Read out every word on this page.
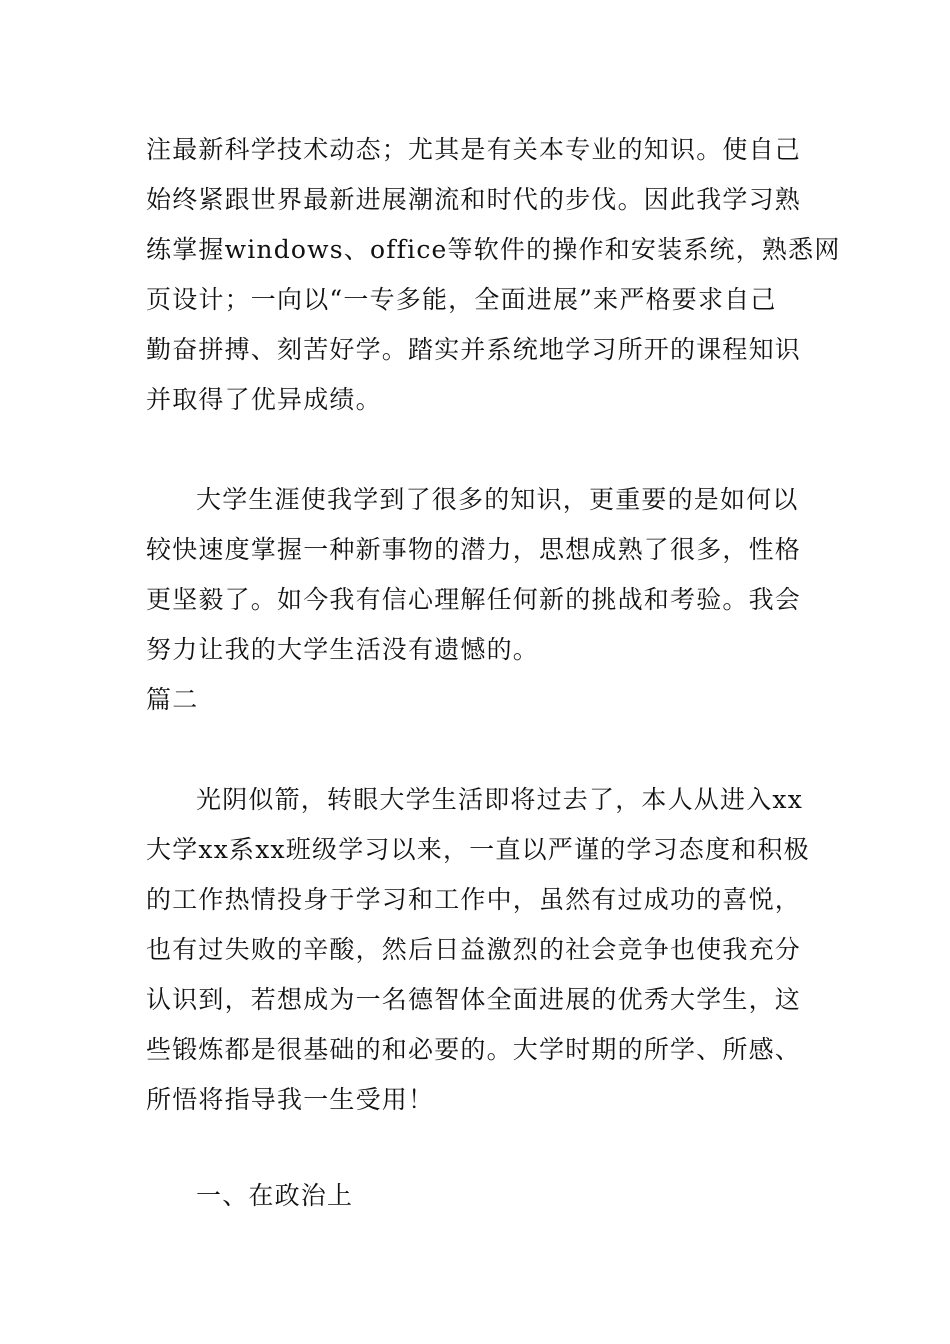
注最新科学技术动态；尤其是有关本专业的知识。使自己
始终紧跟世界最新进展潮流和时代的步伐。因此我学习熟
练掌握windows、office等软件的操作和安装系统，熟悉网
页设计；一向以“一专多能，全面进展”来严格要求自己
勤奋拼搏、刻苦好学。踏实并系统地学习所开的课程知识
并取得了优异成绩。
大学生涯使我学到了很多的知识，更重要的是如何以
较快速度掌握一种新事物的潜力，思想成熟了很多，性格
更坚毅了。如今我有信心理解任何新的挑战和考验。我会
努力让我的大学生活没有遗憾的。
篇二
光阴似箭，转眼大学生活即将过去了，本人从进入xx
大学xx系xx班级学习以来，一直以严谨的学习态度和积极
的工作热情投身于学习和工作中，虽然有过成功的喜悦，
也有过失败的辛酸，然后日益激烈的社会竞争也使我充分
认识到，若想成为一名德智体全面进展的优秀大学生，这
些锻炼都是很基础的和必要的。大学时期的所学、所感、
所悟将指导我一生受用！
一、在政治上
